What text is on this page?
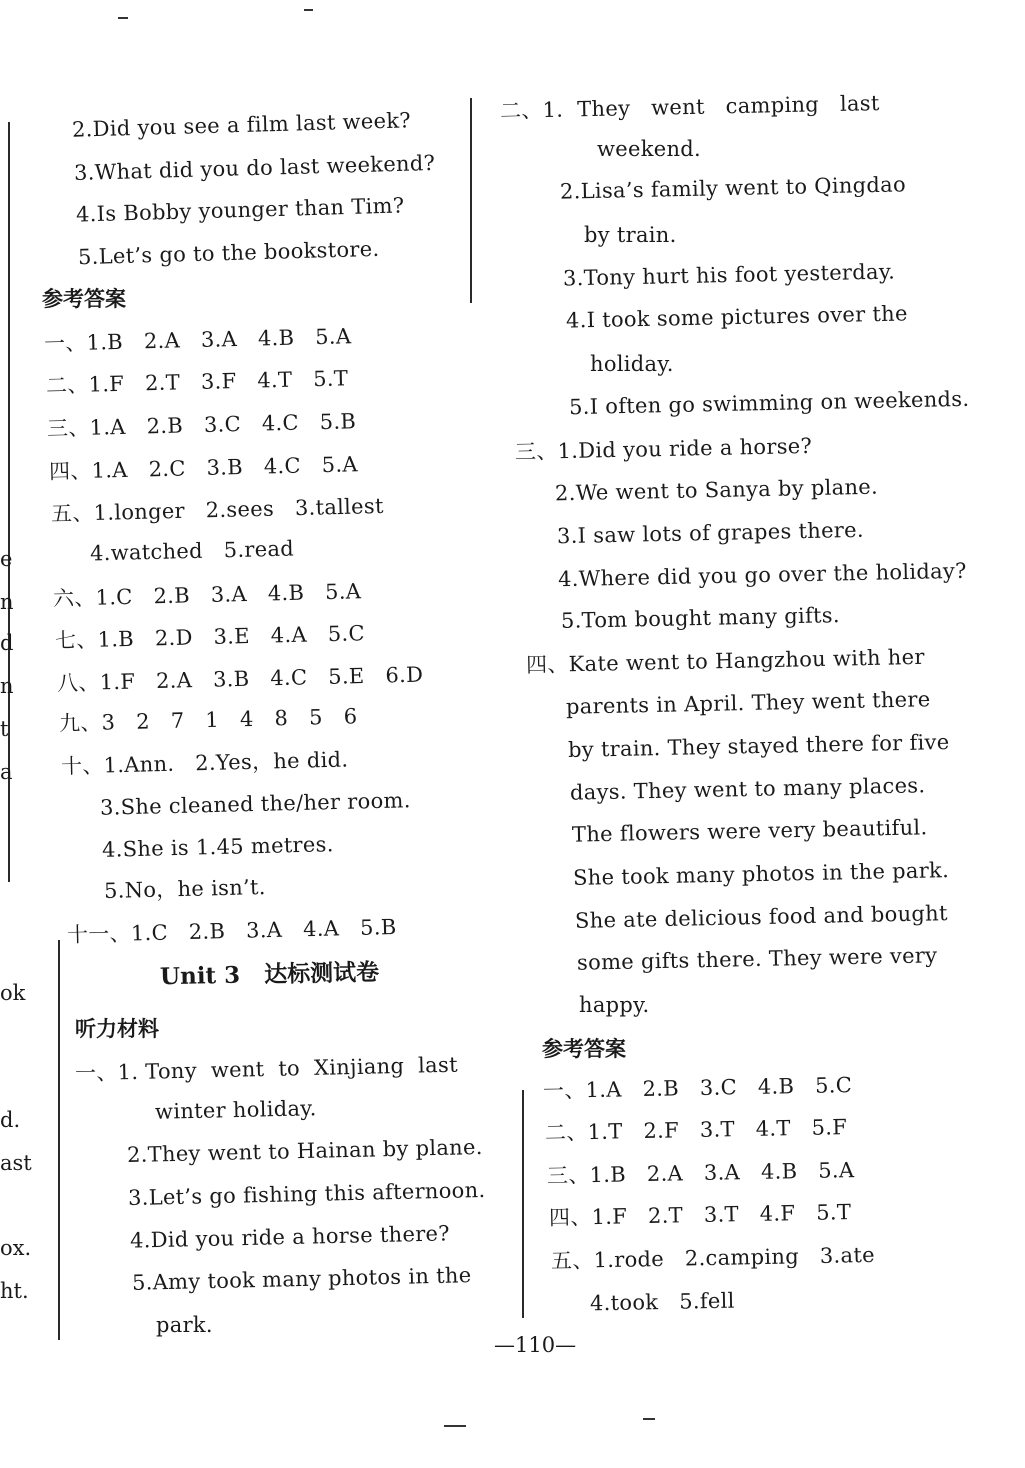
e
n
d
n
t
a
ok
d.
ast
ox.
ht.
2.Did you see a film last week?
3.What did you do last weekend?
4.Is Bobby younger than Tim?
5.Let’s go to the bookstore.
参考答案
一、1.B   2.A   3.A   4.B   5.A
二、1.F   2.T   3.F   4.T   5.T
三、1.A   2.B   3.C   4.C   5.B
四、1.A   2.C   3.B   4.C   5.A
五、1.longer   2.sees   3.tallest
4.watched   5.read
六、1.C   2.B   3.A   4.B   5.A
七、1.B   2.D   3.E   4.A   5.C
八、1.F   2.A   3.B   4.C   5.E   6.D
九、3   2   7   1   4   8   5   6
十、1.Ann.   2.Yes，he did.
3.She cleaned the/her room.
4.She is 1.45 metres.
5.No，he isn’t.
十一、1.C   2.B   3.A   4.A   5.B
Unit 3   达标测试卷
听力材料
一、1. Tony  went  to  Xinjiang  last
winter holiday.
2.They went to Hainan by plane.
3.Let’s go fishing this afternoon.
4.Did you ride a horse there?
5.Amy took many photos in the
park.
二、1.  They   went   camping   last
weekend.
2.Lisa’s family went to Qingdao
by train.
3.Tony hurt his foot yesterday.
4.I took some pictures over the
holiday.
5.I often go swimming on weekends.
三、1.Did you ride a horse?
2.We went to Sanya by plane.
3.I saw lots of grapes there.
4.Where did you go over the holiday?
5.Tom bought many gifts.
四、Kate went to Hangzhou with her
parents in April. They went there
by train. They stayed there for five
days. They went to many places.
The flowers were very beautiful.
She took many photos in the park.
She ate delicious food and bought
some gifts there. They were very
happy.
参考答案
一、1.A   2.B   3.C   4.B   5.C
二、1.T   2.F   3.T   4.T   5.F
三、1.B   2.A   3.A   4.B   5.A
四、1.F   2.T   3.T   4.F   5.T
五、1.rode   2.camping   3.ate
4.took   5.fell
—110—
